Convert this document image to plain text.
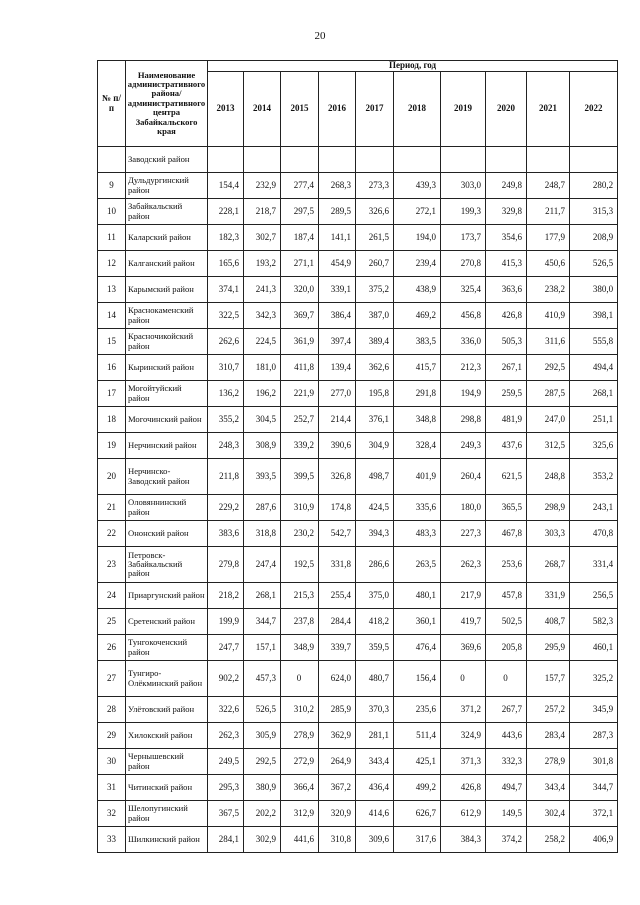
20
№ п/п	Наименование административного района/ административного центра Забайкальского края	Период, год									
		2013	2014	2015	2016	2017	2018	2019	2020	2021	2022
	Заводский район										
9	Дульдургинский район	154,4	232,9	277,4	268,3	273,3	439,3	303,0	249,8	248,7	280,2
10	Забайкальский район	228,1	218,7	297,5	289,5	326,6	272,1	199,3	329,8	211,7	315,3
11	Каларский район	182,3	302,7	187,4	141,1	261,5	194,0	173,7	354,6	177,9	208,9
12	Калганский район	165,6	193,2	271,1	454,9	260,7	239,4	270,8	415,3	450,6	526,5
13	Карымский район	374,1	241,3	320,0	339,1	375,2	438,9	325,4	363,6	238,2	380,0
14	Краснокаменский район	322,5	342,3	369,7	386,4	387,0	469,2	456,8	426,8	410,9	398,1
15	Красночикойский район	262,6	224,5	361,9	397,4	389,4	383,5	336,0	505,3	311,6	555,8
16	Кыринский район	310,7	181,0	411,8	139,4	362,6	415,7	212,3	267,1	292,5	494,4
17	Могойтуйский район	136,2	196,2	221,9	277,0	195,8	291,8	194,9	259,5	287,5	268,1
18	Могочинский район	355,2	304,5	252,7	214,4	376,1	348,8	298,8	481,9	247,0	251,1
19	Нерчинский район	248,3	308,9	339,2	390,6	304,9	328,4	249,3	437,6	312,5	325,6
20	Нерчинско-Заводский район	211,8	393,5	399,5	326,8	498,7	401,9	260,4	621,5	248,8	353,2
21	Оловяннинский район	229,2	287,6	310,9	174,8	424,5	335,6	180,0	365,5	298,9	243,1
22	Ононский район	383,6	318,8	230,2	542,7	394,3	483,3	227,3	467,8	303,3	470,8
23	Петровск-Забайкальский район	279,8	247,4	192,5	331,8	286,6	263,5	262,3	253,6	268,7	331,4
24	Приаргунский район	218,2	268,1	215,3	255,4	375,0	480,1	217,9	457,8	331,9	256,5
25	Сретенский район	199,9	344,7	237,8	284,4	418,2	360,1	419,7	502,5	408,7	582,3
26	Тунгокоченский район	247,7	157,1	348,9	339,7	359,5	476,4	369,6	205,8	295,9	460,1
27	Тунгиро-Олёкминский район	902,2	457,3	0	624,0	480,7	156,4	0	0	157,7	325,2
28	Улётовский район	322,6	526,5	310,2	285,9	370,3	235,6	371,2	267,7	257,2	345,9
29	Хилокский район	262,3	305,9	278,9	362,9	281,1	511,4	324,9	443,6	283,4	287,3
30	Чернышевский район	249,5	292,5	272,9	264,9	343,4	425,1	371,3	332,3	278,9	301,8
31	Читинский район	295,3	380,9	366,4	367,2	436,4	499,2	426,8	494,7	343,4	344,7
32	Шелопугинский район	367,5	202,2	312,9	320,9	414,6	626,7	612,9	149,5	302,4	372,1
33	Шилкинский район	284,1	302,9	441,6	310,8	309,6	317,6	384,3	374,2	258,2	406,9
